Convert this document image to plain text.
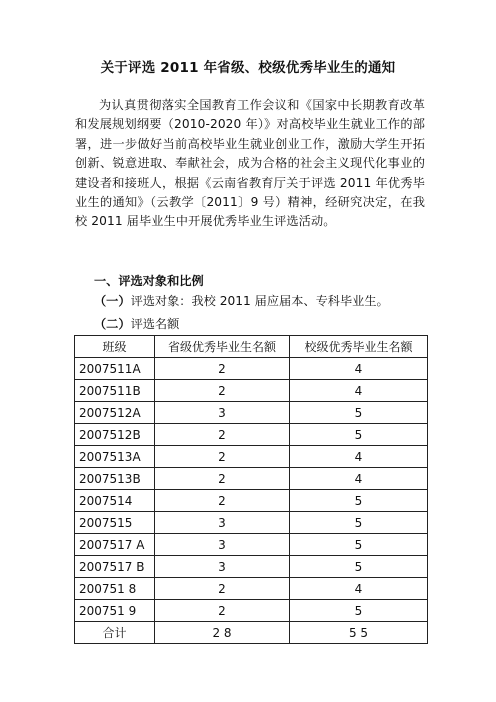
关于评选 2011 年省级、校级优秀毕业生的通知

为认真贯彻落实全国教育工作会议和《国家中长期教育改革和发展规划纲要（2010-2020 年）》对高校毕业生就业工作的部署，进一步做好当前高校毕业生就业创业工作，激励大学生开拓创新、锐意进取、奉献社会，成为合格的社会主义现代化事业的建设者和接班人，根据《云南省教育厅关于评选 2011 年优秀毕业生的通知》（云教学〔2011〕9 号）精神，经研究决定，在我校 2011 届毕业生中开展优秀毕业生评选活动。

一、评选对象和比例
（一）评选对象：我校 2011 届应届本、专科毕业生。
（二）评选名额
班级	省级优秀毕业生名额	校级优秀毕业生名额
2007511A	2	4
2007511B	2	4
2007512A	3	5
2007512B	2	5
2007513A	2	4
2007513B	2	4
2007514	2	5
2007515	3	5
2007517 A	3	5
2007517 B	3	5
200751 8	2	4
200751 9	2	5
合计	2 8	5 5
